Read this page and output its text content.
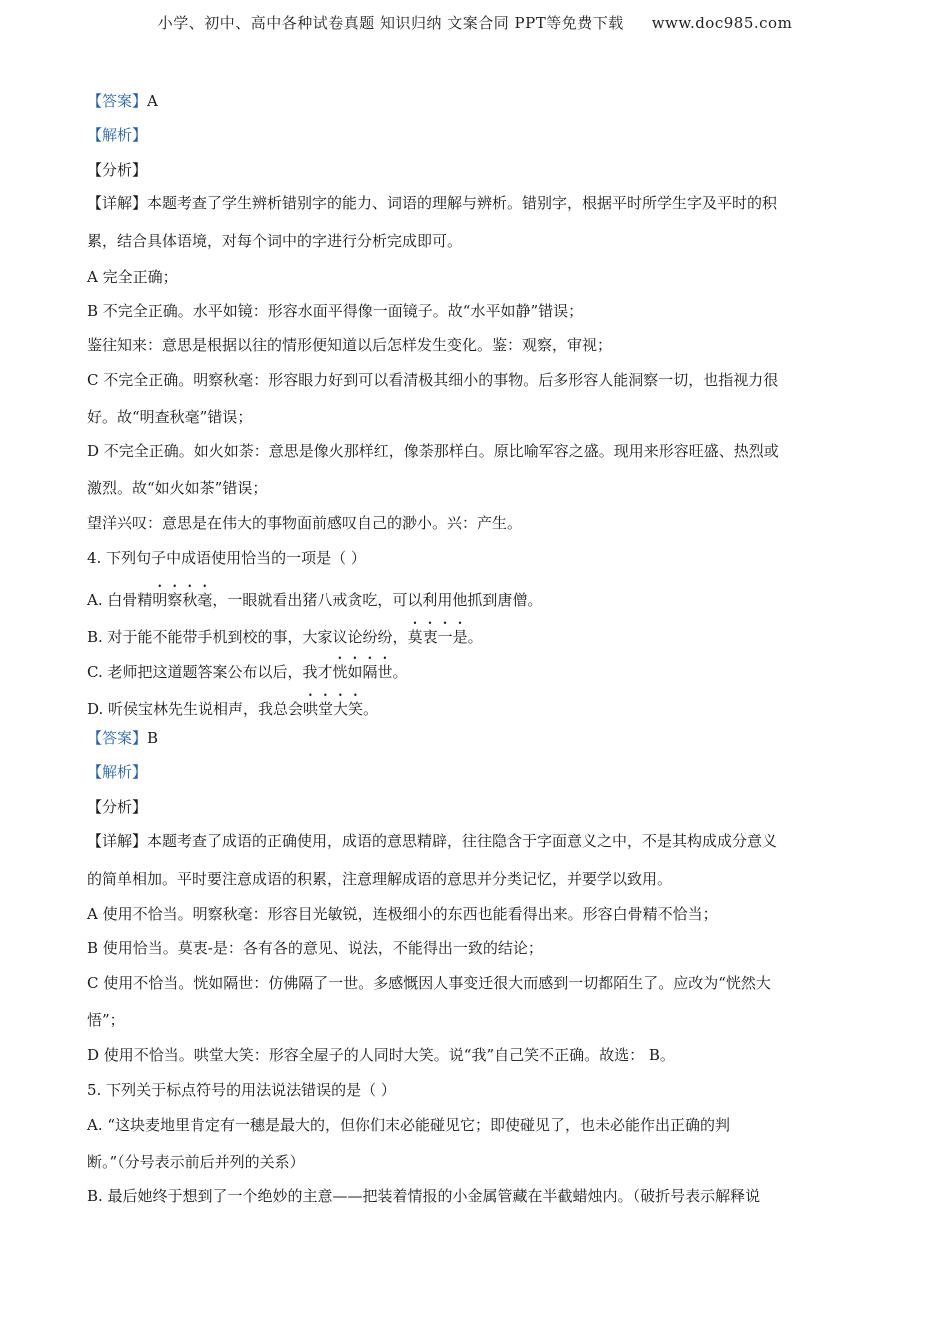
小学、初中、高中各种试卷真题 知识归纳 文案合同 PPT等免费下载 www.doc985.com
【答案】A
【解析】
【分析】
【详解】本题考查了学生辨析错别字的能力、词语的理解与辨析。错别字，根据平时所学生字及平时的积
累，结合具体语境，对每个词中的字进行分析完成即可。
A 完全正确；
B 不完全正确。水平如镜：形容水面平得像一面镜子。故“水平如静”错误；
鉴往知来：意思是根据以往的情形便知道以后怎样发生变化。鉴：观察，审视；
C 不完全正确。明察秋毫：形容眼力好到可以看清极其细小的事物。后多形容人能洞察一切，也指视力很
好。故“明查秋毫”错误；
D 不完全正确。如火如荼：意思是像火那样红，像荼那样白。原比喻军容之盛。现用来形容旺盛、热烈或
激烈。故“如火如茶”错误；
望洋兴叹：意思是在伟大的事物面前感叹自己的渺小。兴：产生。
4. 下列句子中成语使用恰当的一项是（ ）
A. 白骨精明察秋毫，一眼就看出猪八戒贪吃，可以利用他抓到唐僧。
B. 对于能不能带手机到校的事，大家议论纷纷，莫衷一是。
C. 老师把这道题答案公布以后，我才恍如隔世。
D. 听侯宝林先生说相声，我总会哄堂大笑。
【答案】B
【解析】
【分析】
【详解】本题考查了成语的正确使用，成语的意思精辟，往往隐含于字面意义之中，不是其构成成分意义
的简单相加。平时要注意成语的积累，注意理解成语的意思并分类记忆，并要学以致用。
A 使用不恰当。明察秋毫：形容目光敏锐，连极细小的东西也能看得出来。形容白骨精不恰当；
B 使用恰当。莫衷-是：各有各的意见、说法，不能得出一致的结论；
C 使用不恰当。恍如隔世：仿佛隔了一世。多感慨因人事变迁很大而感到一切都陌生了。应改为“恍然大
悟”；
D 使用不恰当。哄堂大笑：形容全屋子的人同时大笑。说“我”自己笑不正确。故选： B。
5. 下列关于标点符号的用法说法错误的是（ ）
A. “这块麦地里肯定有一穗是最大的，但你们末必能碰见它；即使碰见了，也未必能作出正确的判
断。”（分号表示前后并列的关系）
B. 最后她终于想到了一个绝妙的主意——把装着情报的小金属管藏在半截蜡烛内。（破折号表示解释说
